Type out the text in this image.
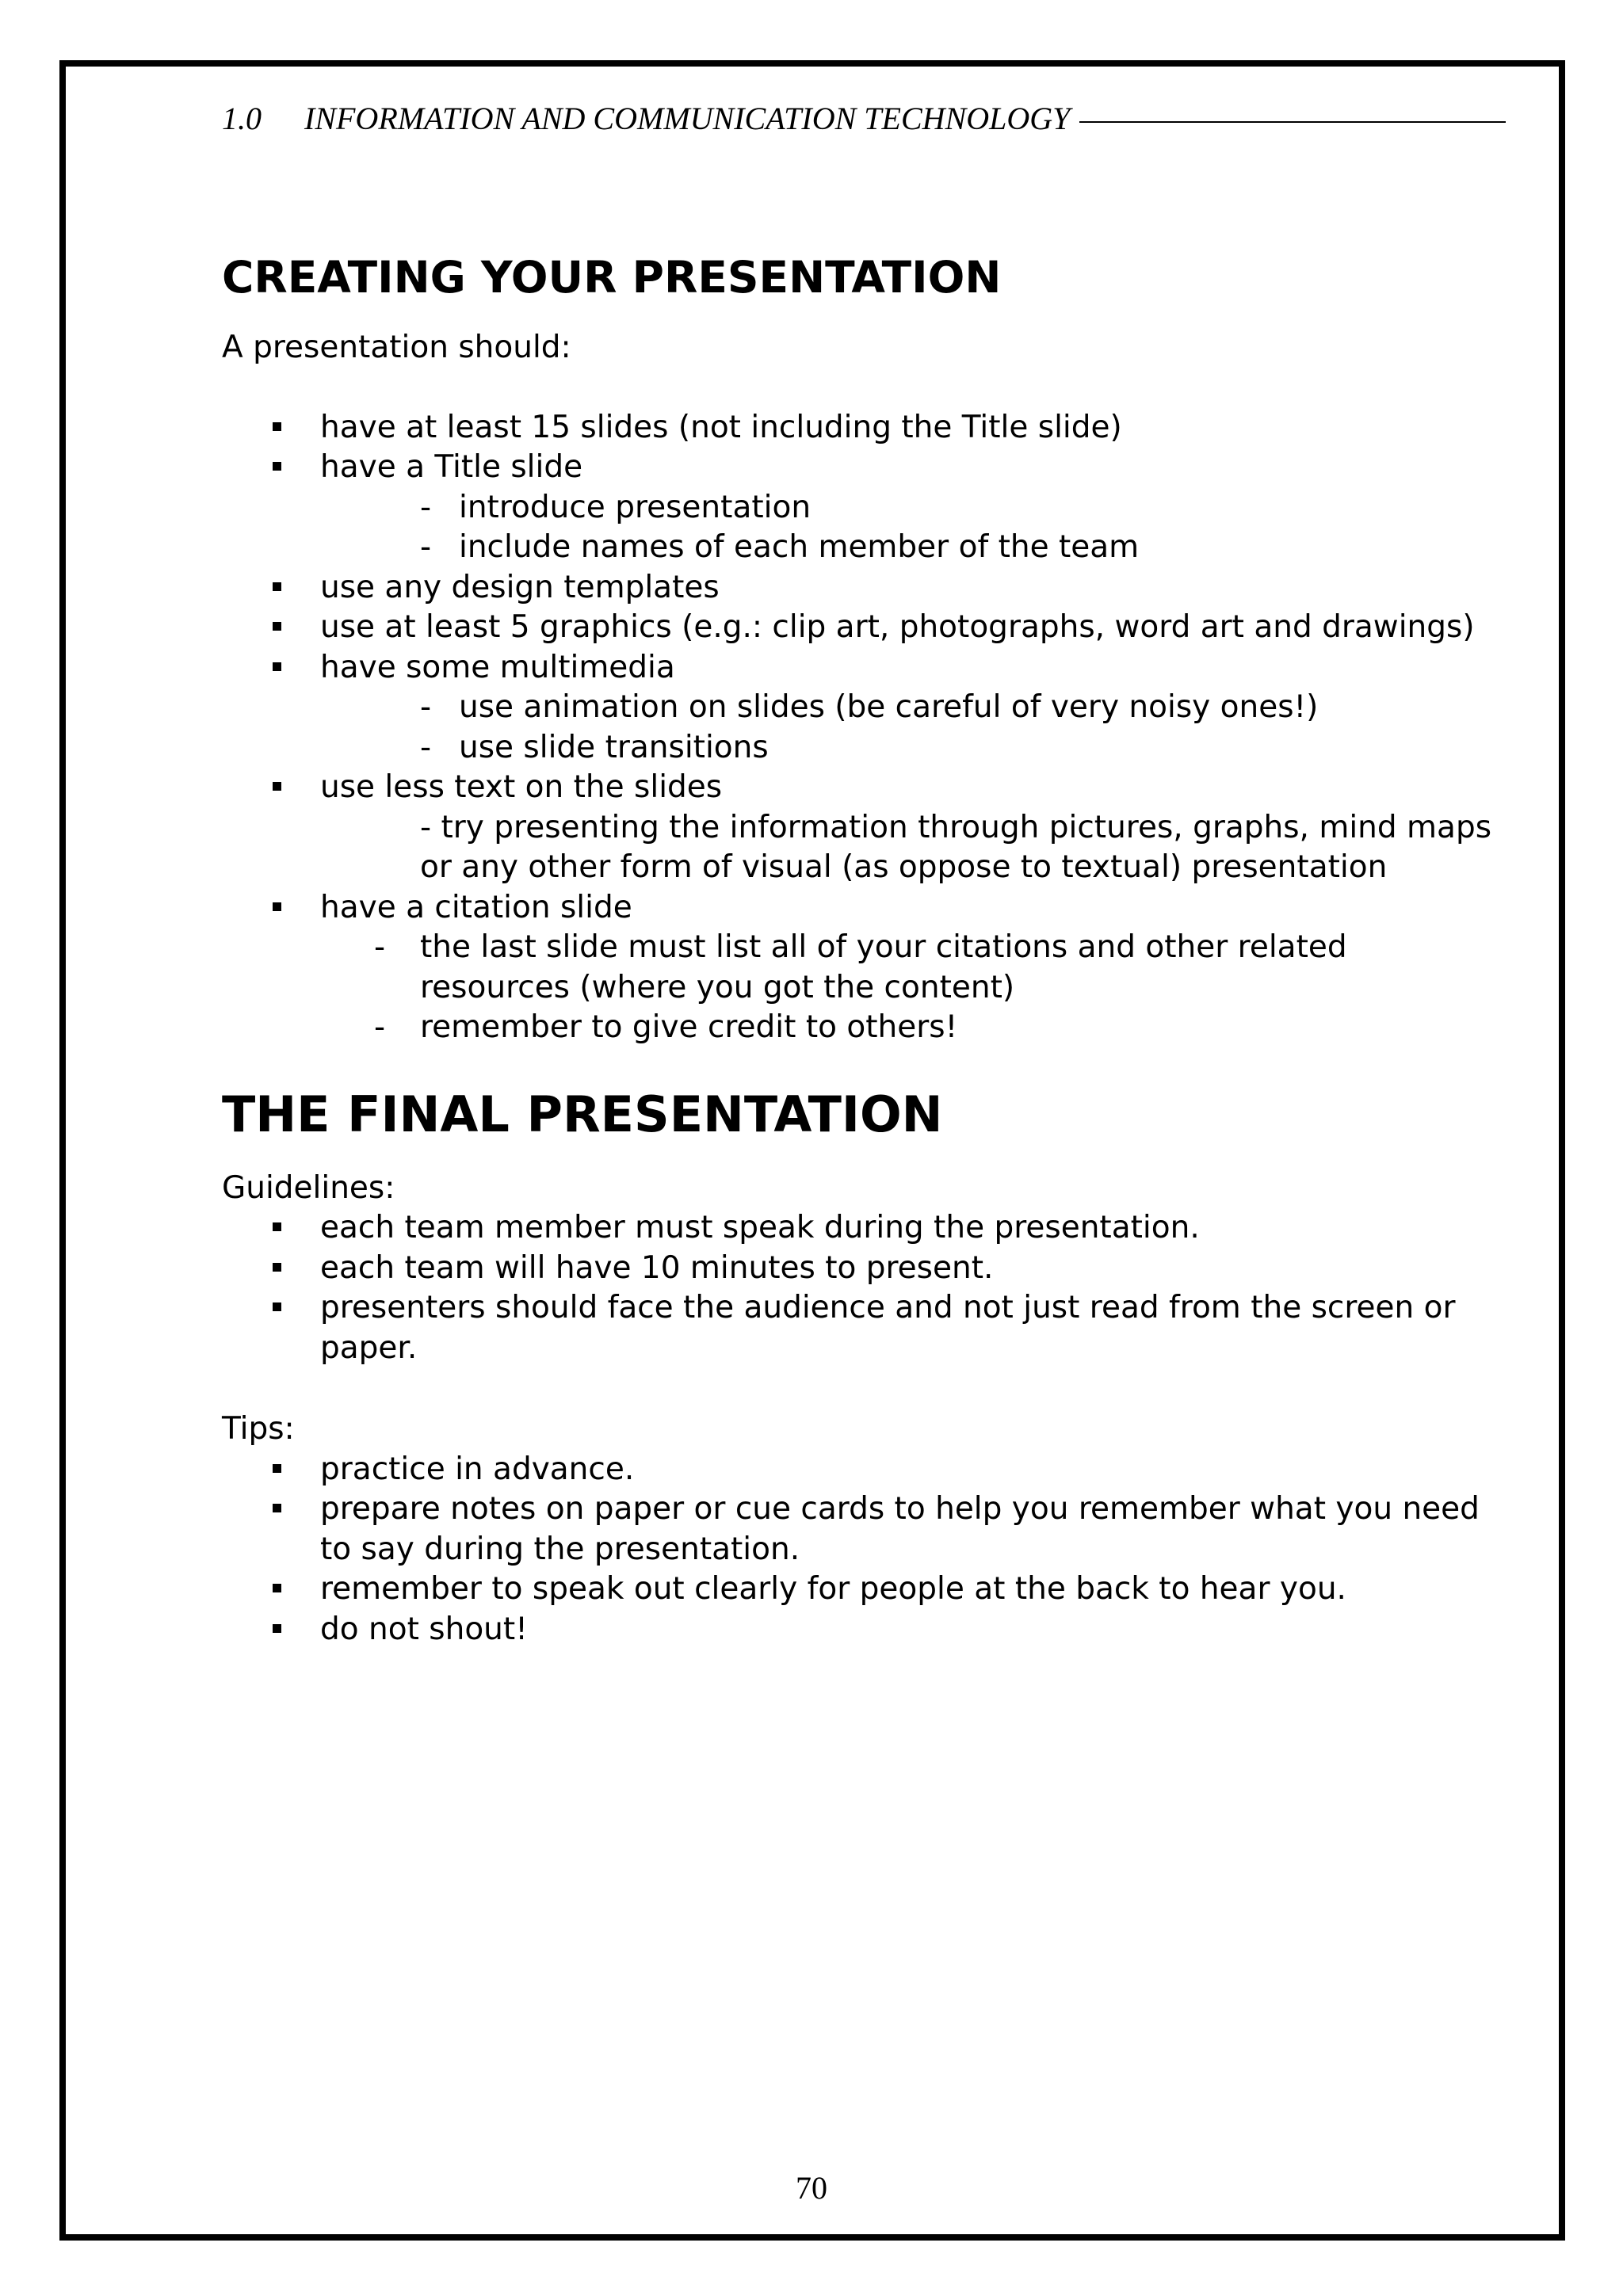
1.0	INFORMATION AND COMMUNICATION TECHNOLOGY
CREATING YOUR PRESENTATION

A presentation should:

have at least 15 slides (not including the Title slide)
have a Title slide
- introduce presentation
- include names of each member of the team
use any design templates
use at least 5 graphics (e.g.: clip art, photographs, word art and drawings)
have some multimedia
- use animation on slides (be careful of very noisy ones!)
- use slide transitions
use less text on the slides
- try presenting the information through pictures, graphs, mind maps or any other form of visual (as oppose to textual) presentation
have a citation slide
- the last slide must list all of your citations and other related resources (where you got the content)
- remember to give credit to others!
THE FINAL PRESENTATION

Guidelines:

each team member must speak during the presentation.
each team will have 10 minutes to present.
presenters should face the audience and not just read from the screen or paper.

Tips:

practice in advance.
prepare notes on paper or cue cards to help you remember what you need to say during the presentation.
remember to speak out clearly for people at the back to hear you.
do not shout!
70
